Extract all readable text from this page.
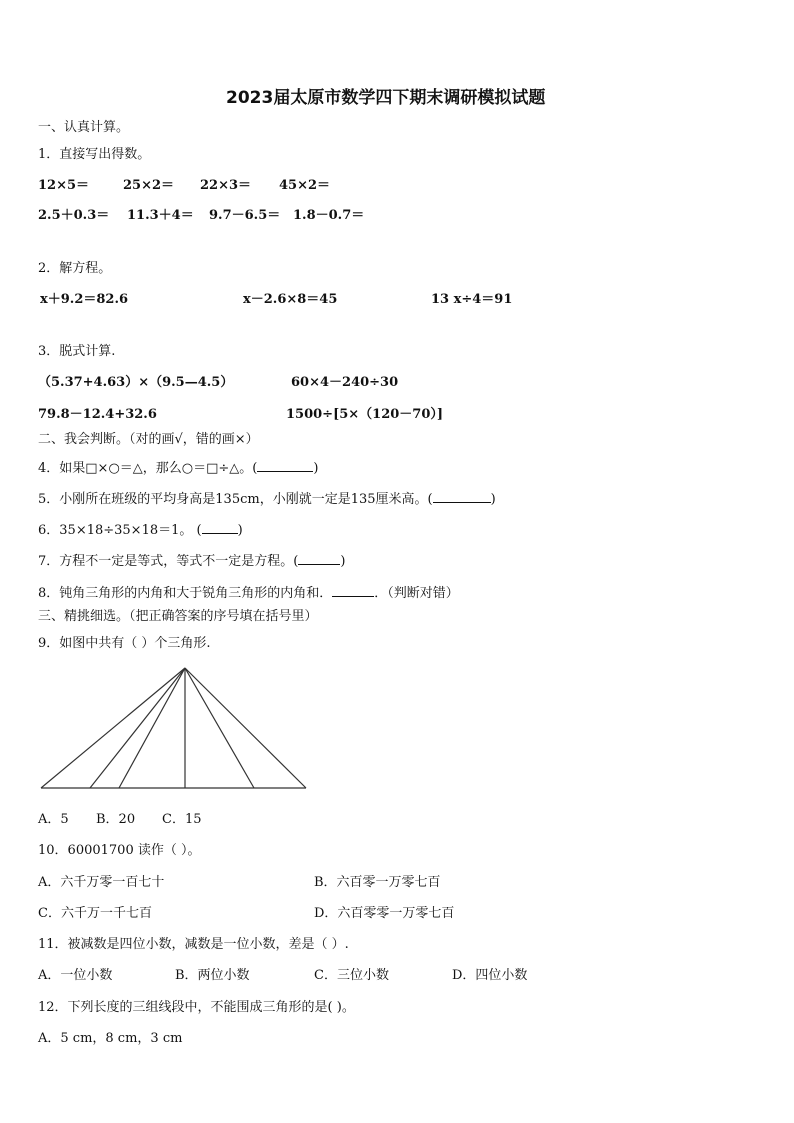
2023届太原市数学四下期末调研模拟试题
一、认真计算。
1．直接写出得数。
12×5＝	25×2＝ 22×3＝ 45×2＝
2.5＋0.3＝ 11.3＋4＝ 9.7－6.5＝ 1.8－0.7＝
2．解方程。
x＋9.2＝82.6	x－2.6×8＝45	13 x÷4＝91
3．脱式计算.
（5.37+4.63）×（9.5—4.5）	60×4－240÷30
79.8－12.4+32.6	1500÷[5×（120－70）]
二、我会判断。（对的画√，错的画×）
4．如果□×○＝△，那么○＝□÷△。(	)
5．小刚所在班级的平均身高是135cm，小刚就一定是135厘米高。(	)
6．35×18÷35×18＝1。 (	)
7．方程不一定是等式，等式不一定是方程。(	)
8．钝角三角形的内角和大于锐角三角形的内角和．	．（判断对错）
三、精挑细选。（把正确答案的序号填在括号里）
9．如图中共有（ ）个三角形.
A．5 B．20 C．15
10．60001700 读作（ ）。
A．六千万零一百七十	B．六百零一万零七百
C．六千万一千七百	D．六百零零一万零七百
11．被减数是四位小数，减数是一位小数，差是（ ）.
A．一位小数	B．两位小数	C．三位小数	D．四位小数
12．下列长度的三组线段中，不能围成三角形的是( )。
A．5 cm，8 cm，3 cm
